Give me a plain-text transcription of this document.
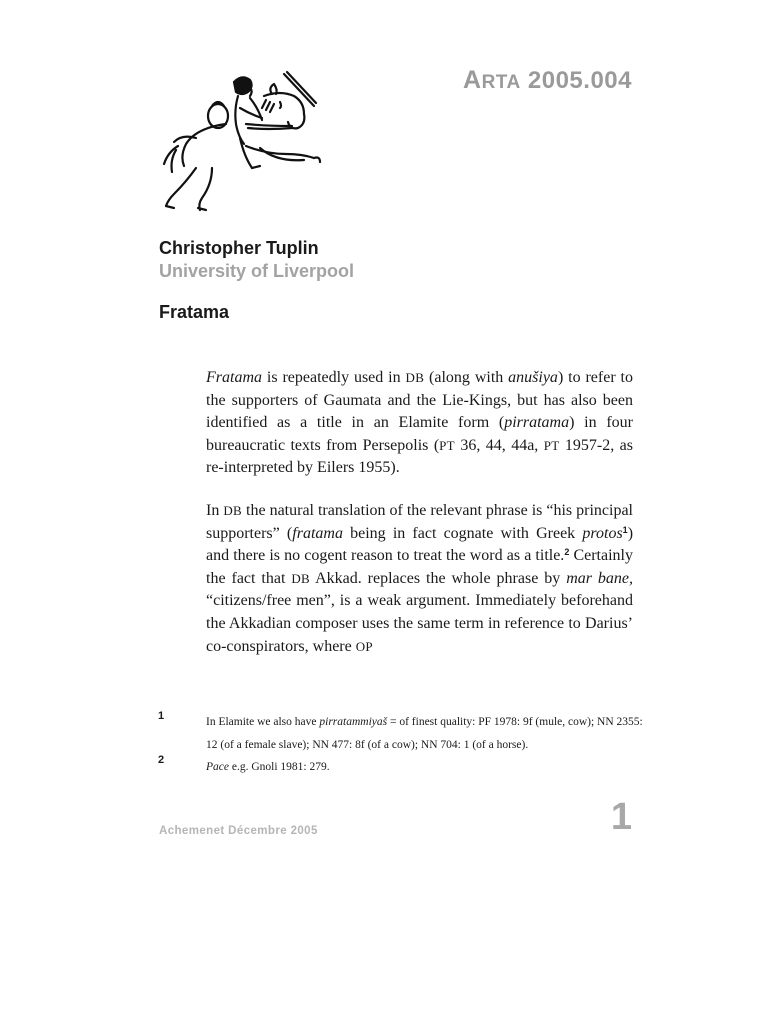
ARTA 2005.004
Christopher Tuplin
University of Liverpool
Fratama
Fratama is repeatedly used in DB (along with anušiya) to refer to the supporters of Gaumata and the Lie-Kings, but has also been identified as a title in an Elamite form (pirratama) in four bureaucratic texts from Persepolis (PT 36, 44, 44a, PT 1957-2, as re-interpreted by Eilers 1955).
In DB the natural translation of the relevant phrase is “his principal supporters” (fratama being in fact cognate with Greek protos$^1$) and there is no cogent reason to treat the word as a title.$^2$ Certainly the fact that DB Akkad. replaces the whole phrase by mar bane, “citizens/free men”, is a weak argument. Immediately beforehand the Akkadian composer uses the same term in reference to Darius’ co-conspirators, where OP
1
2
In Elamite we also have pirratammiyaš = of finest quality: PF 1978: 9f (mule, cow); NN 2355: 12 (of a female slave); NN 477: 8f (of a cow); NN 704: 1 (of a horse).
Pace e.g. Gnoli 1981: 279.
Achemenet Décembre 2005	1
